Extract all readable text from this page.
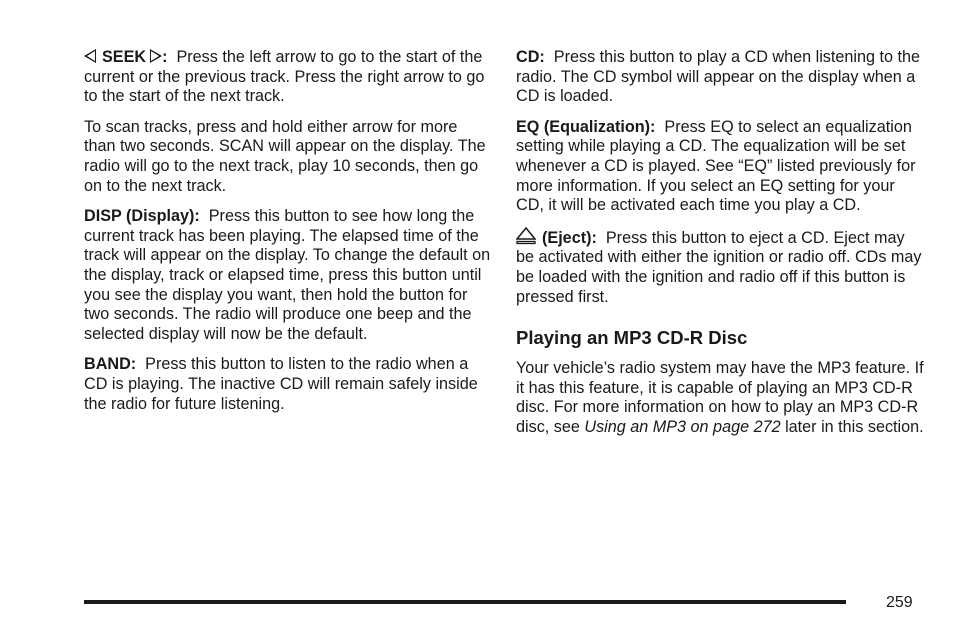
SEEK : Press the left arrow to go to the start of the current or the previous track. Press the right arrow to go to the start of the next track.

To scan tracks, press and hold either arrow for more than two seconds. SCAN will appear on the display. The radio will go to the next track, play 10 seconds, then go on to the next track.

DISP (Display): Press this button to see how long the current track has been playing. The elapsed time of the track will appear on the display. To change the default on the display, track or elapsed time, press this button until you see the display you want, then hold the button for two seconds. The radio will produce one beep and the selected display will now be the default.

BAND: Press this button to listen to the radio when a CD is playing. The inactive CD will remain safely inside the radio for future listening.

CD: Press this button to play a CD when listening to the radio. The CD symbol will appear on the display when a CD is loaded.

EQ (Equalization): Press EQ to select an equalization setting while playing a CD. The equalization will be set whenever a CD is played. See “EQ” listed previously for more information. If you select an EQ setting for your CD, it will be activated each time you play a CD.

(Eject): Press this button to eject a CD. Eject may be activated with either the ignition or radio off. CDs may be loaded with the ignition and radio off if this button is pressed first.

Playing an MP3 CD-R Disc

Your vehicle’s radio system may have the MP3 feature. If it has this feature, it is capable of playing an MP3 CD-R disc. For more information on how to play an MP3 CD-R disc, see Using an MP3 on page 272 later in this section.

259
